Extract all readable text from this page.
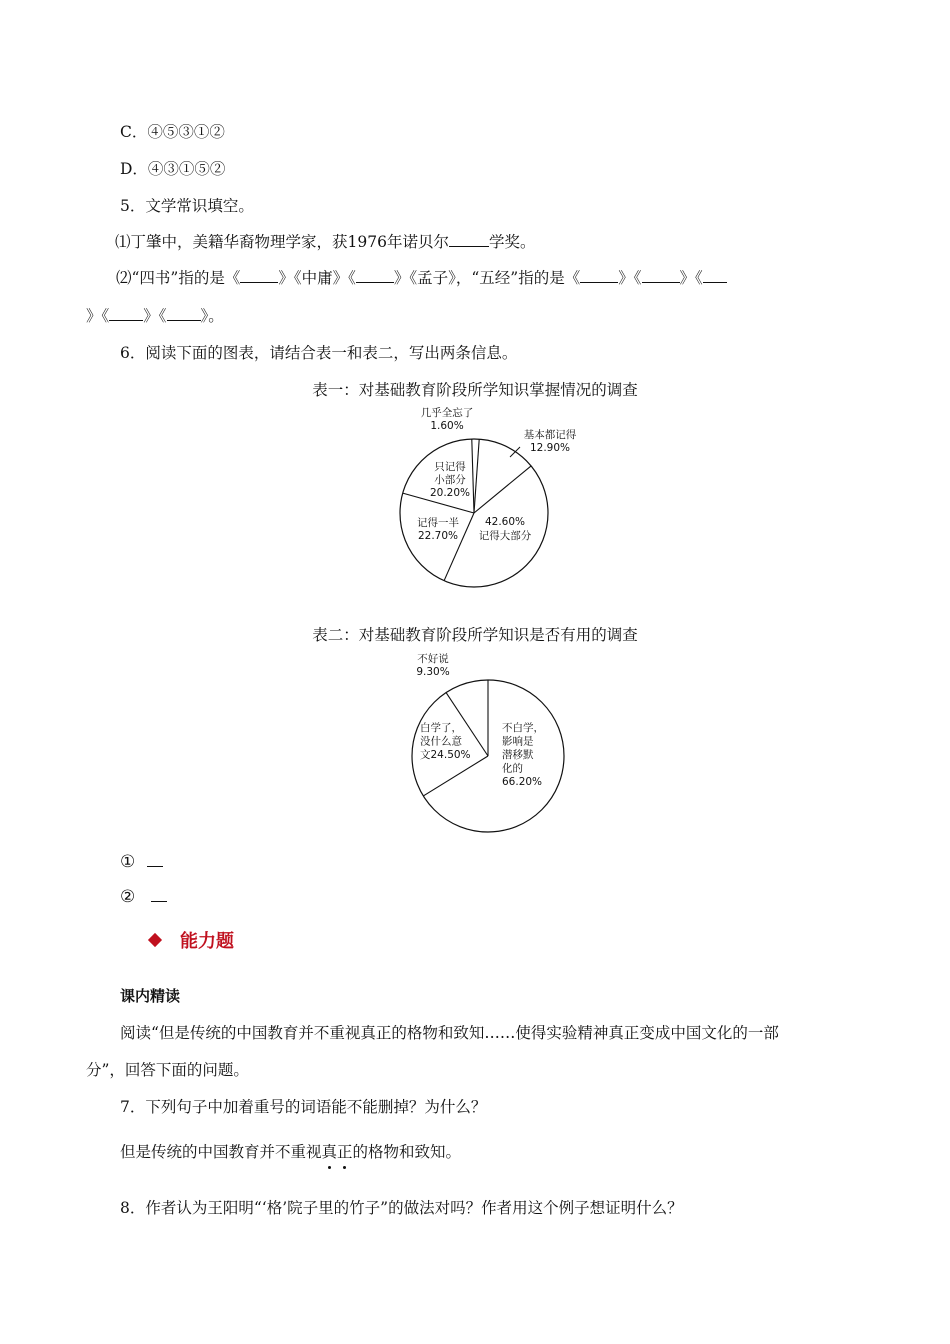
C．④⑤③①②
D．④③①⑤②
5．文学常识填空。
⑴丁肇中，美籍华裔物理学家，获1976年诺贝尔	学奖。
⑵“四书”指的是《 》《中庸》《 》《孟子》，“五经”指的是《 》《 》《
》《 》《 》。
6．阅读下面的图表，请结合表一和表二，写出两条信息。
表一：对基础教育阶段所学知识掌握情况的调查
几乎全忘了 1.60%
基本都记得 12.90%
42.60%记得大部分
记得一半 22.70%
只记得小部分 20.20%
表二：对基础教育阶段所学知识是否有用的调查
不白学，影响是潜移默化的 66.20%
白学了，没什么意文24.50%
不好说 9.30%
①
②
能力题
课内精读
阅读“但是传统的中国教育并不重视真正的格物和致知……使得实验精神真正变成中国文化的一部
分”，回答下面的问题。
7．下列句子中加着重号的词语能不能删掉？为什么？
但是传统的中国教育并不重视真正的格物和致知。
8．作者认为王阳明“‘格’院子里的竹子”的做法对吗？作者用这个例子想证明什么？
